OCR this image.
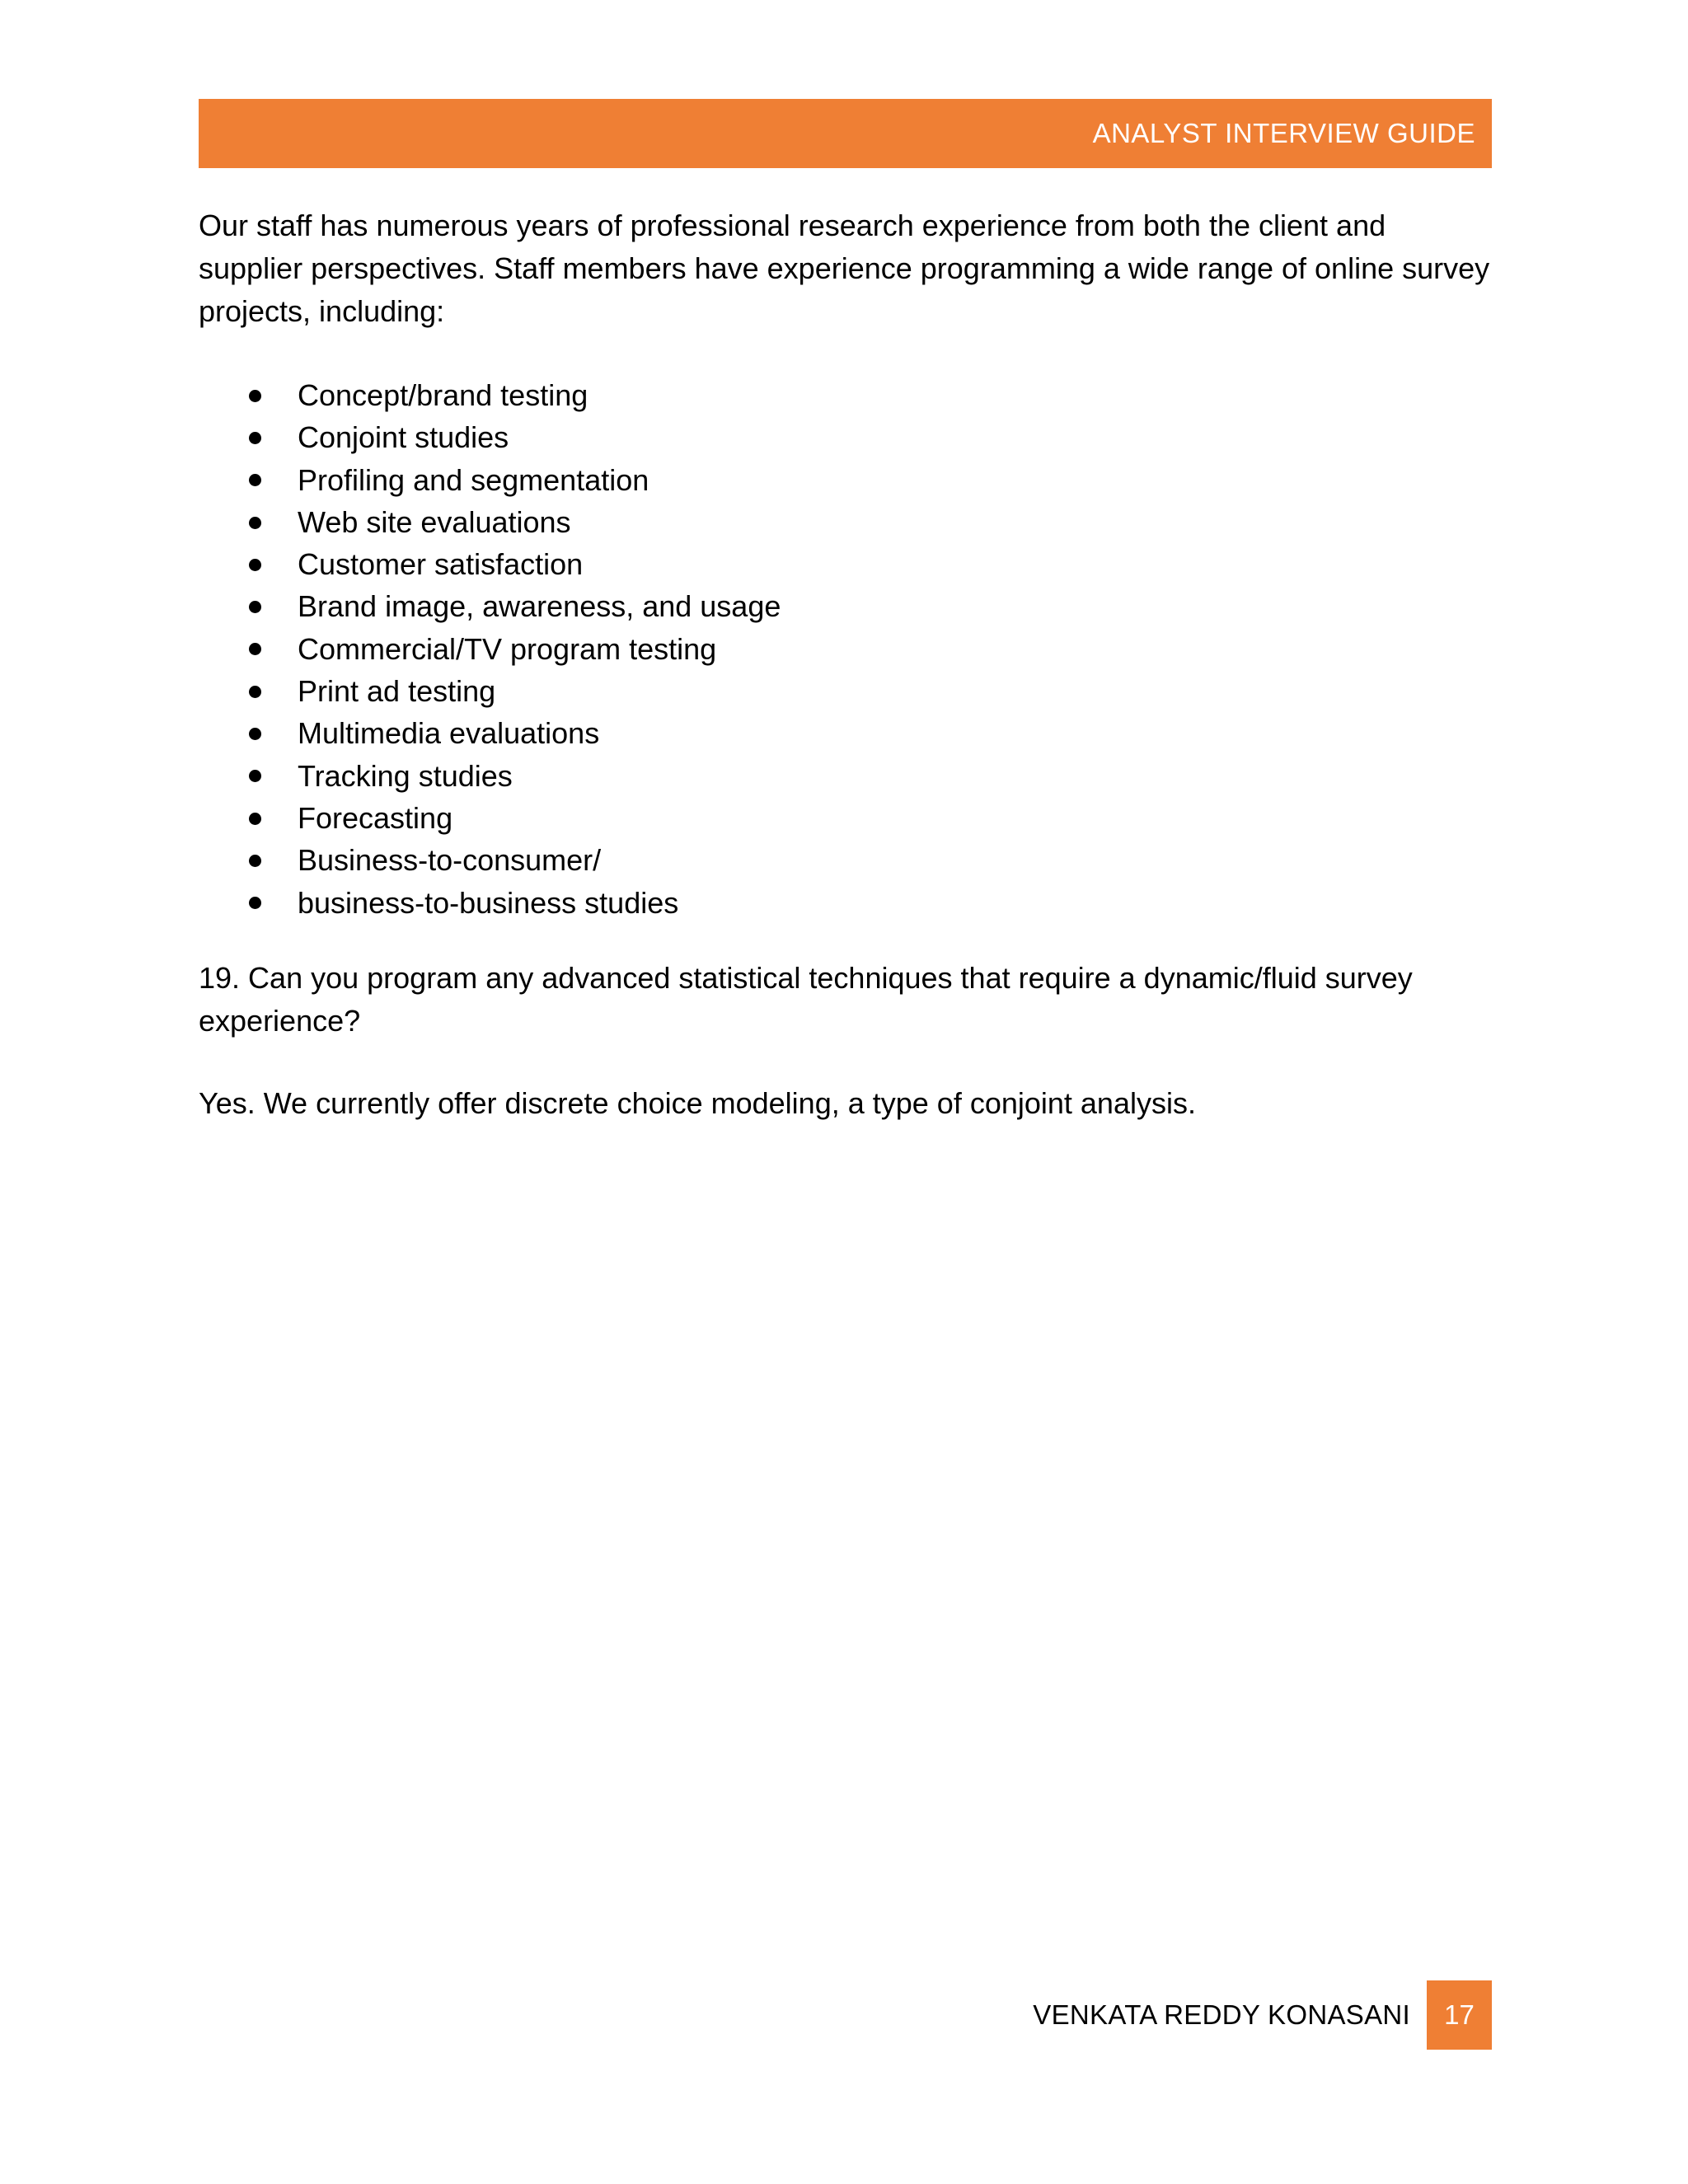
ANALYST INTERVIEW GUIDE

Our staff has numerous years of professional research experience from both the client and supplier perspectives. Staff members have experience programming a wide range of online survey projects, including:

Concept/brand testing
Conjoint studies
Profiling and segmentation
Web site evaluations
Customer satisfaction
Brand image, awareness, and usage
Commercial/TV program testing
Print ad testing
Multimedia evaluations
Tracking studies
Forecasting
Business-to-consumer/
business-to-business studies

19. Can you program any advanced statistical techniques that require a dynamic/fluid survey experience?

Yes. We currently offer discrete choice modeling, a type of conjoint analysis.

VENKATA REDDY KONASANI	17
